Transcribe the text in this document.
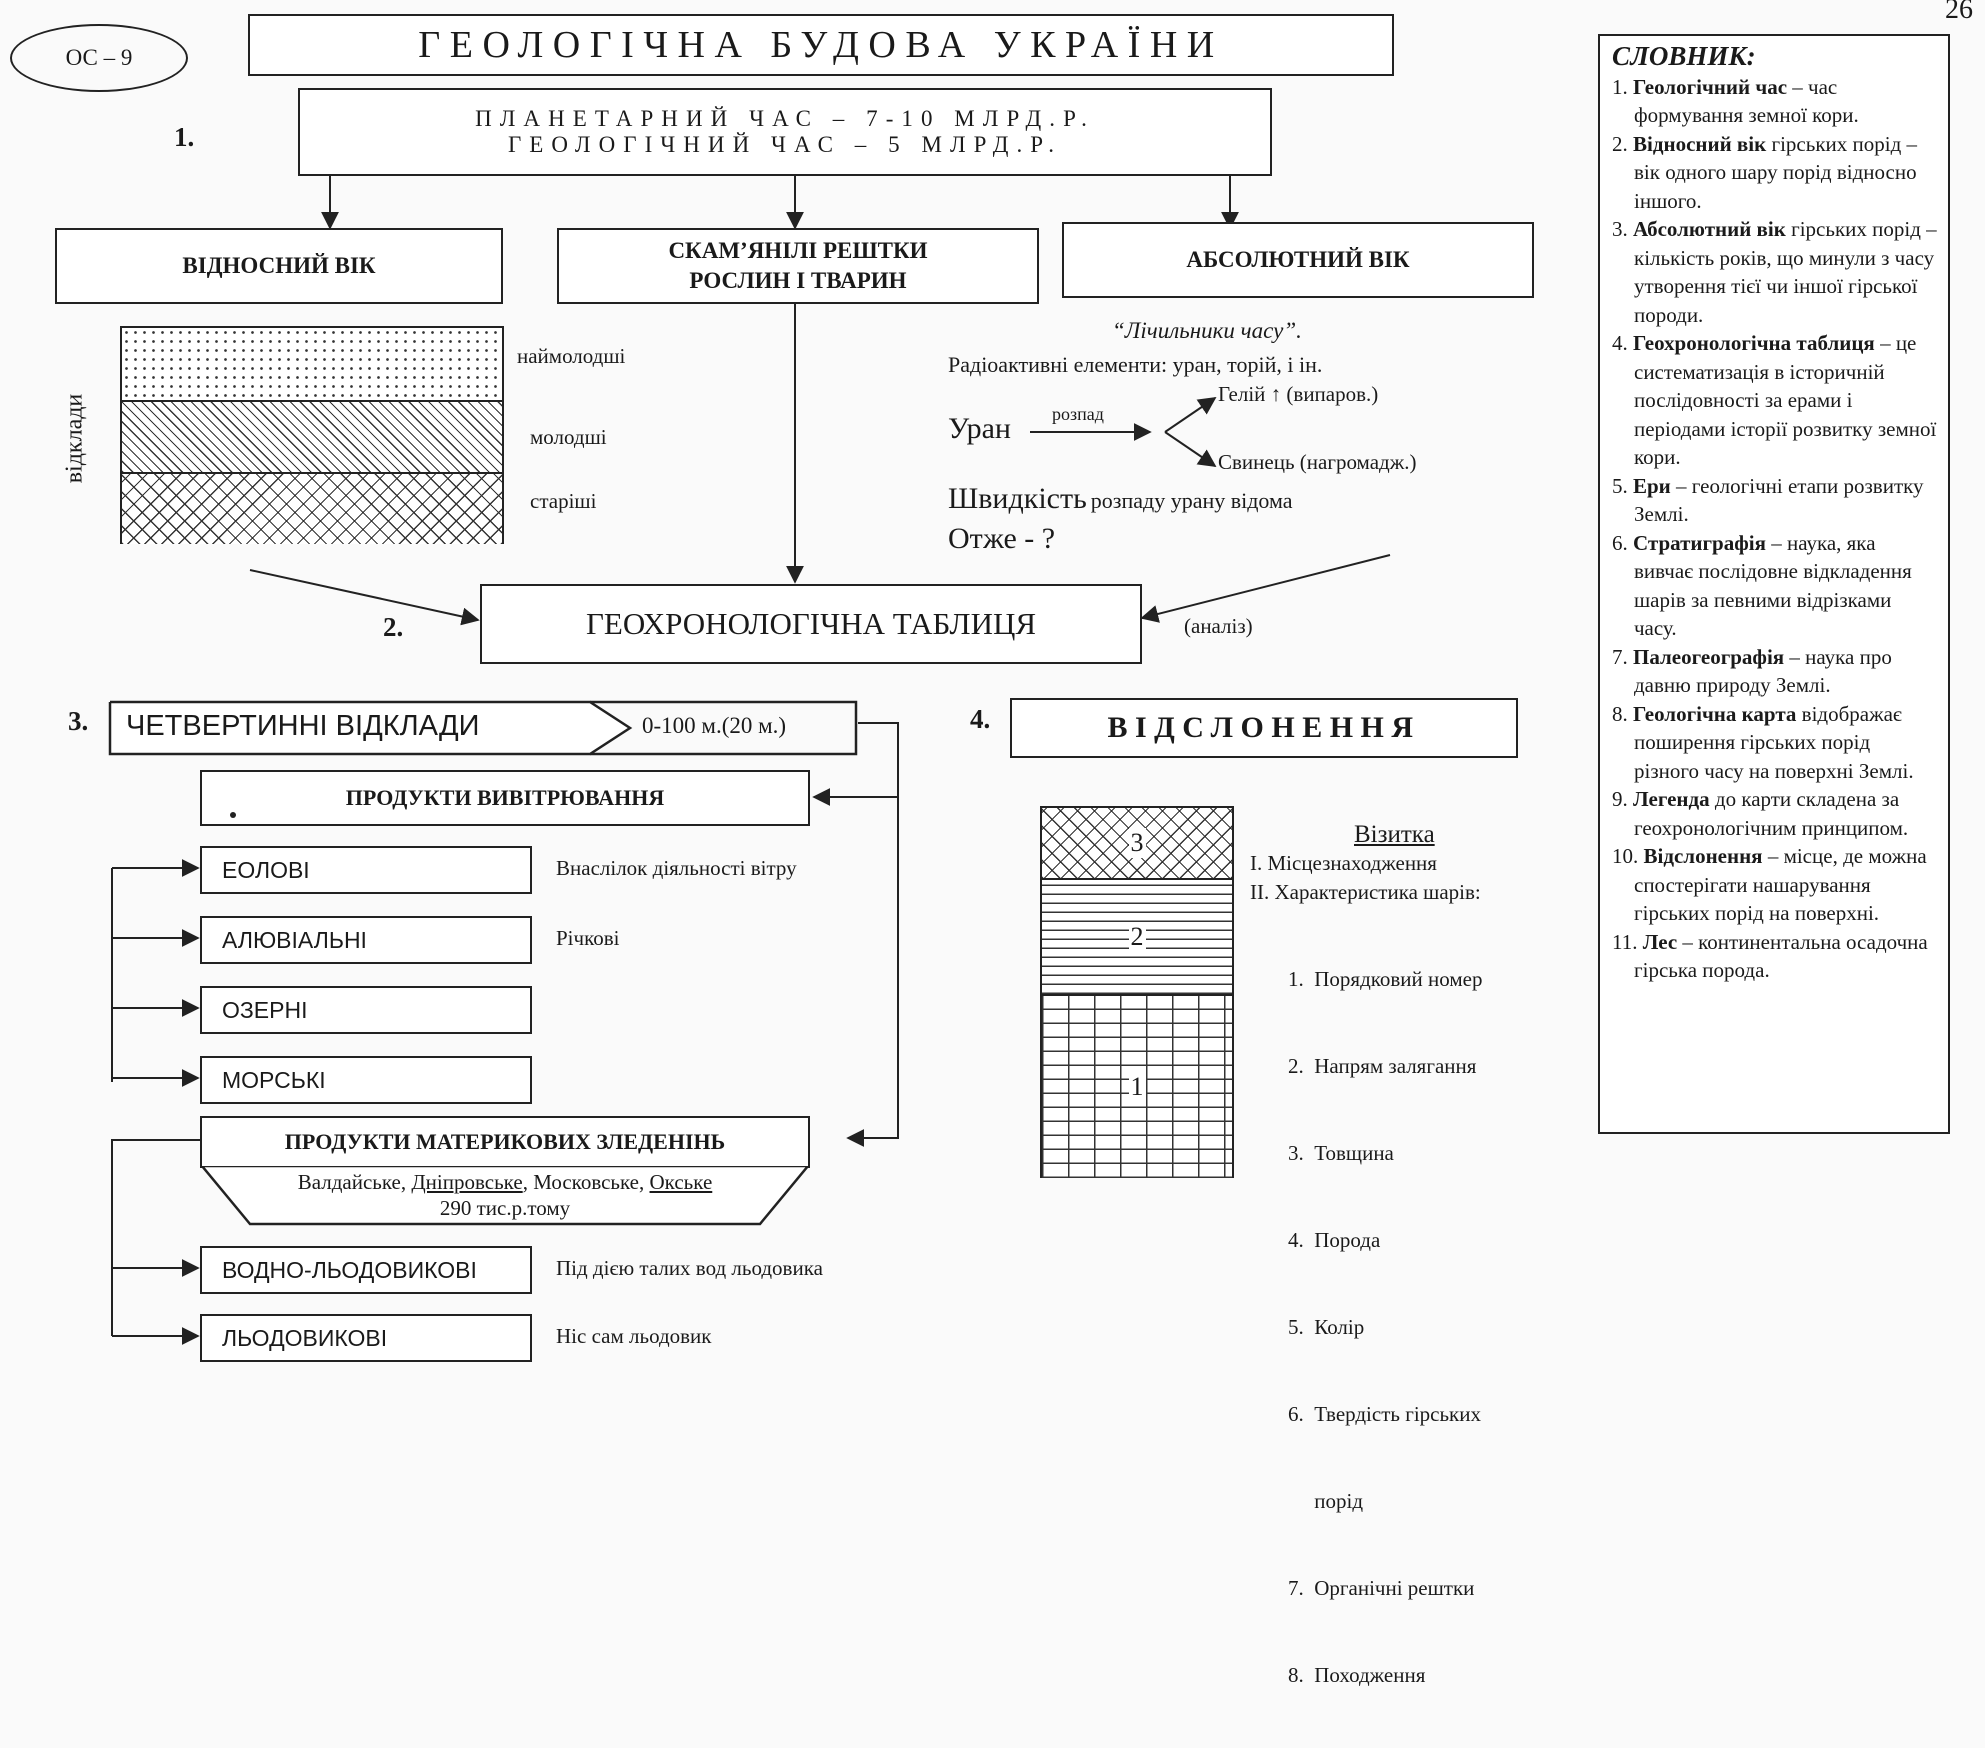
26
ОС – 9	ГЕОЛОГІЧНА БУДОВА УКРАЇНИ
1.
2.
3.	4.
ПЛАНЕТАРНИЙ ЧАС – 7-10 МЛРД.Р.
ГЕОЛОГІЧНИЙ ЧАС – 5 МЛРД.Р.
ВІДНОСНИЙ ВІК
СКАМ’ЯНІЛІ РЕШТКИ
РОСЛИН І ТВАРИН
АБСОЛЮТНИЙ ВІК
відклади
наймолодші
молодші
старіші
“Лічильники часу”.
Радіоактивні елементи: уран, торій, і ін.
Уран розпад
Гелій ↑ (випаров.)
Свинець (нагромадж.)
Швидкість розпаду урану відома
Отже - ?
ГЕОХРОНОЛОГІЧНА ТАБЛИЦЯ	(аналіз)
ЧЕТВЕРТИННІ ВІДКЛАДИ	0-100 м.(20 м.)
ПРОДУКТИ ВИВІТРЮВАННЯ
ЕОЛОВІ	Внаслілок діяльності вітру
АЛЮВІАЛЬНІ	Річкові
ОЗЕРНІ
МОРСЬКІ
ПРОДУКТИ МАТЕРИКОВИХ ЗЛЕДЕНІНЬ
Валдайське, Дніпровське, Московське, Окське
290 тис.р.тому
ВОДНО-ЛЬОДОВИКОВІ	Під дією талих вод льодовика
ЛЬОДОВИКОВІ	Ніс сам льодовик
ВІДСЛОНЕННЯ
3
2
1
Візитка
І. Місцезнаходження
ІІ. Характеристика шарів:

1.  Порядковий номер

2.  Напрям залягання

3.  Товщина

4.  Порода

5.  Колір

6.  Твердість гірських

порід

7.  Органічні рештки

8.  Походження

СЛОВНИК:
1. Геологічний час – час формування земної кори.
2. Відносний вік гірських порід – вік одного шару порід відносно іншого.
3. Абсолютний вік гірських порід – кількість років, що минули з часу утворення тієї чи іншої гірської породи.
4. Геохронологічна таблиця – це систематизація в історичній послідовності за ерами і періодами історії розвитку земної кори.
5. Ери – геологічні етапи розвитку Землі.
6. Стратиграфія – наука, яка вивчає послідовне відкладення шарів за певними відрізками часу.
7. Палеогеографія – наука про давню природу Землі.
8. Геологічна карта відображає поширення гірських порід різного часу на поверхні Землі.
9. Легенда до карти складена за геохронологічним принципом.
10. Відслонення – місце, де можна спостерігати нашарування гірських порід на поверхні.
11. Лес – континентальна осадочна гірська порода.
